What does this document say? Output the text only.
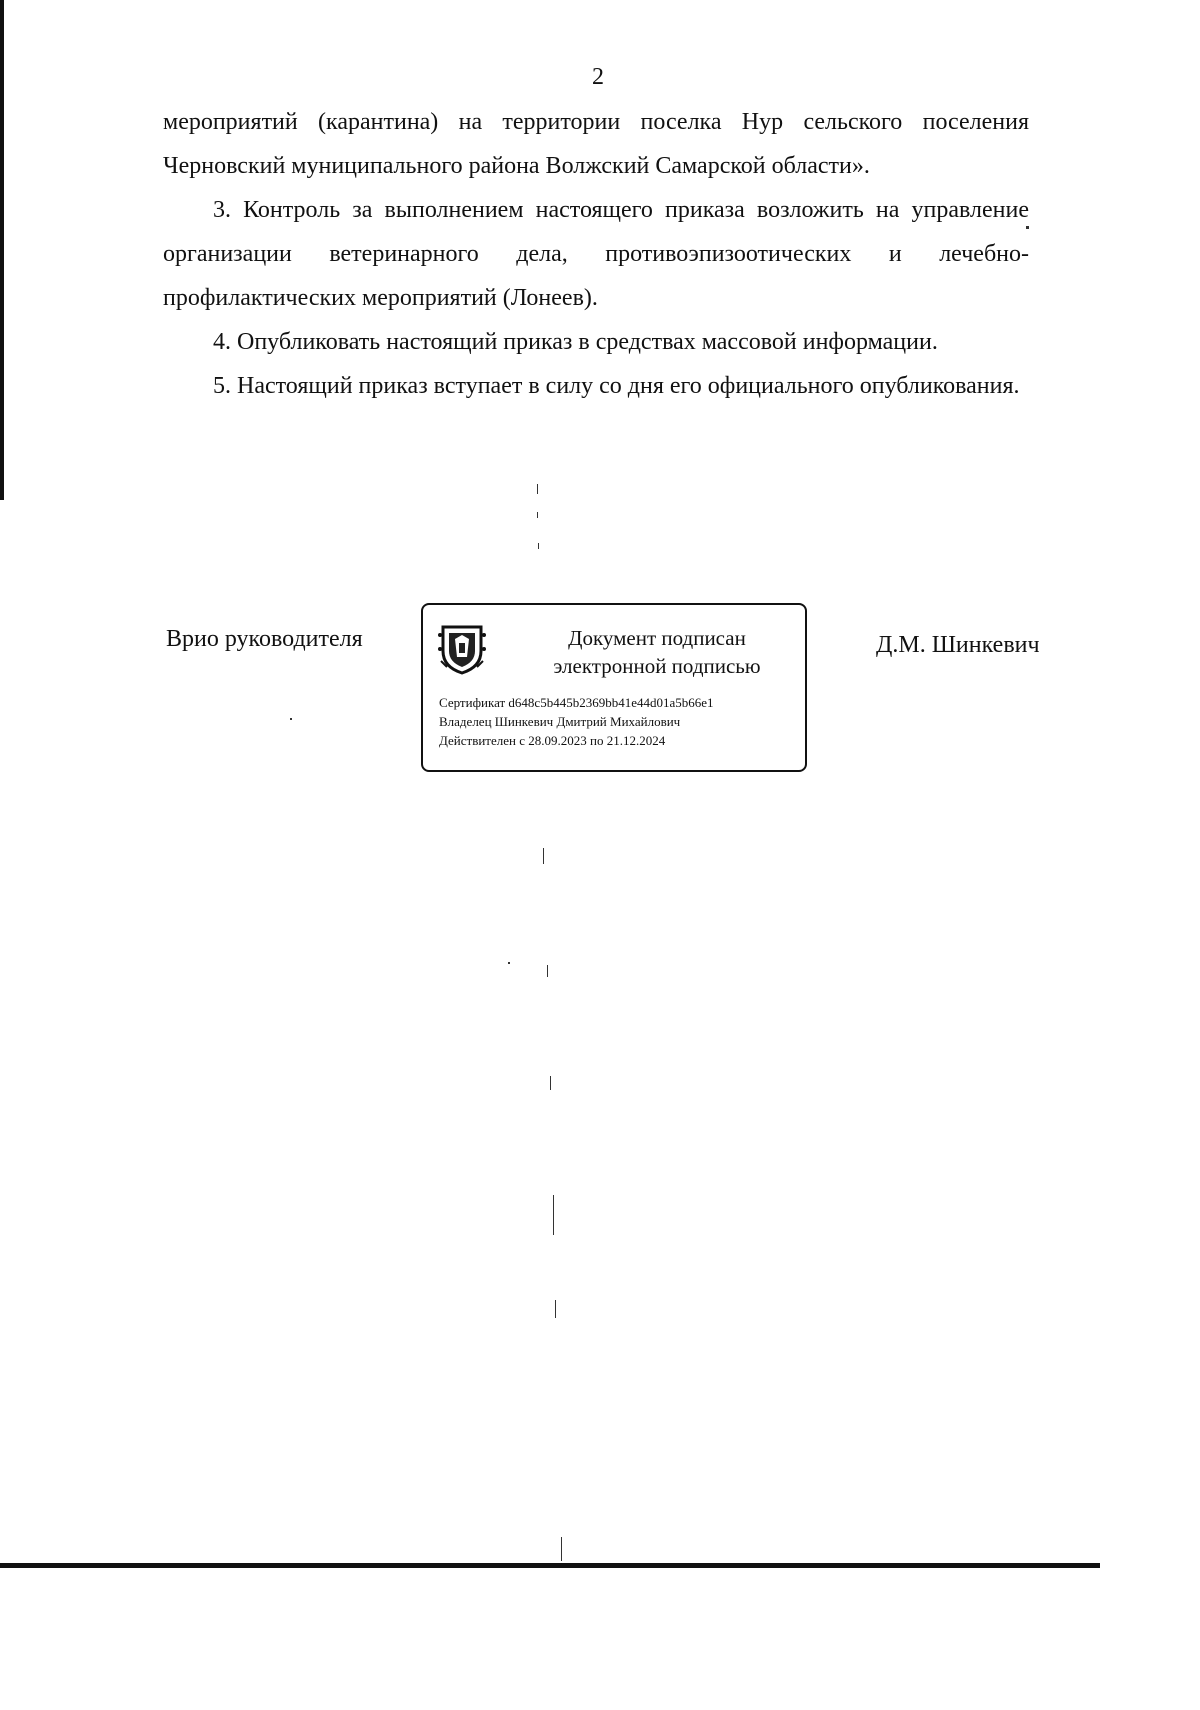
2

мероприятий (карантина) на территории поселка Нур сельского поселения Черновский муниципального района Волжский Самарской области».

3. Контроль за выполнением настоящего приказа возложить на управление организации ветеринарного дела, противоэпизоотических и лечебно-профилактических мероприятий (Лонеев).

4. Опубликовать настоящий приказ в средствах массовой информации.

5. Настоящий приказ вступает в силу со дня его официального опубликования.

Врио руководителя	Документ подписан
электронной подписью
Сертификат d648c5b445b2369bb41e44d01a5b66e1
Владелец Шинкевич Дмитрий Михайлович
Действителен с 28.09.2023 по 21.12.2024
Д.М. Шинкевич
